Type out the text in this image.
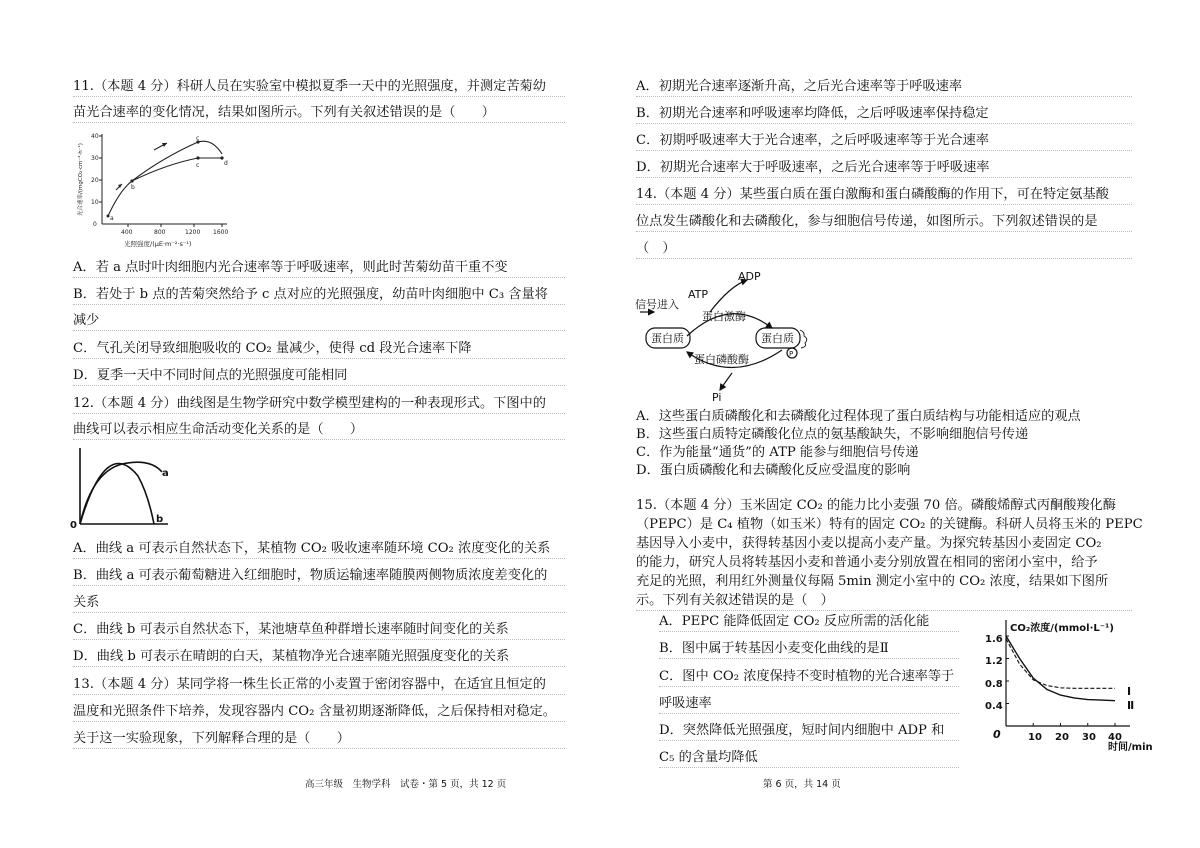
11.（本题 4 分）科研人员在实验室中模拟夏季一天中的光照强度，并测定苦菊幼
苗光合速率的变化情况，结果如图所示。下列有关叙述错误的是（　　）
0
10
20
30
40
400	800	1200 1600
a
b
c
c	d
光照强度/(μE·m⁻²·s⁻¹)
光合速率/(mgCO₂·cm⁻²·h⁻¹)
A．若 a 点时叶肉细胞内光合速率等于呼吸速率，则此时苦菊幼苗干重不变
B．若处于 b 点的苦菊突然给予 c 点对应的光照强度，幼苗叶肉细胞中 C₃ 含量将
减少
C．气孔关闭导致细胞吸收的 CO₂ 量减少，使得 cd 段光合速率下降
D．夏季一天中不同时间点的光照强度可能相同
12.（本题 4 分）曲线图是生物学研究中数学模型建构的一种表现形式。下图中的
曲线可以表示相应生命活动变化关系的是（　　）
0
a
b
A．曲线 a 可表示自然状态下，某植物 CO₂ 吸收速率随环境 CO₂ 浓度变化的关系
B．曲线 a 可表示葡萄糖进入红细胞时，物质运输速率随膜两侧物质浓度差变化的
关系
C．曲线 b 可表示自然状态下，某池塘草鱼种群增长速率随时间变化的关系
D．曲线 b 可表示在晴朗的白天，某植物净光合速率随光照强度变化的关系
13.（本题 4 分）某同学将一株生长正常的小麦置于密闭容器中，在适宜且恒定的
温度和光照条件下培养，发现容器内 CO₂ 含量初期逐渐降低，之后保持相对稳定。
关于这一实验现象，下列解释合理的是（　　）
高三年级　生物学科　试卷・第 5 页，共 12 页
A．初期光合速率逐渐升高，之后光合速率等于呼吸速率
B．初期光合速率和呼吸速率均降低，之后呼吸速率保持稳定
C．初期呼吸速率大于光合速率，之后呼吸速率等于光合速率
D．初期光合速率大于呼吸速率，之后光合速率等于呼吸速率
14.（本题 4 分）某些蛋白质在蛋白激酶和蛋白磷酸酶的作用下，可在特定氨基酸
位点发生磷酸化和去磷酸化，参与细胞信号传递，如图所示。下列叙述错误的是
（　）
ADP
ATP
信号进入
蛋白激酶
蛋白磷酸酶
蛋白质	蛋白质
P
Pi
A．这些蛋白质磷酸化和去磷酸化过程体现了蛋白质结构与功能相适应的观点
B．这些蛋白质特定磷酸化位点的氨基酸缺失，不影响细胞信号传递
C．作为能量“通货”的 ATP 能参与细胞信号传递
D．蛋白质磷酸化和去磷酸化反应受温度的影响
15.（本题 4 分）玉米固定 CO₂ 的能力比小麦强 70 倍。磷酸烯醇式丙酮酸羧化酶
（PEPC）是 C₄ 植物（如玉米）特有的固定 CO₂ 的关键酶。科研人员将玉米的 PEPC
基因导入小麦中，获得转基因小麦以提高小麦产量。为探究转基因小麦固定 CO₂
的能力，研究人员将转基因小麦和普通小麦分别放置在相同的密闭小室中，给予
充足的光照，利用红外测量仪每隔 5min 测定小室中的 CO₂ 浓度，结果如下图所
示。下列有关叙述错误的是（　）
A．PEPC 能降低固定 CO₂ 反应所需的活化能
B．图中属于转基因小麦变化曲线的是Ⅱ
C．图中 CO₂ 浓度保持不变时植物的光合速率等于
呼吸速率
D．突然降低光照强度，短时间内细胞中 ADP 和
C₅ 的含量均降低
CO₂浓度/(mmol·L⁻¹)
时间/min
1.6
1.2
0.8
0.4
0	10 20 30 40
Ⅰ
Ⅱ
第 6 页，共 14 页
